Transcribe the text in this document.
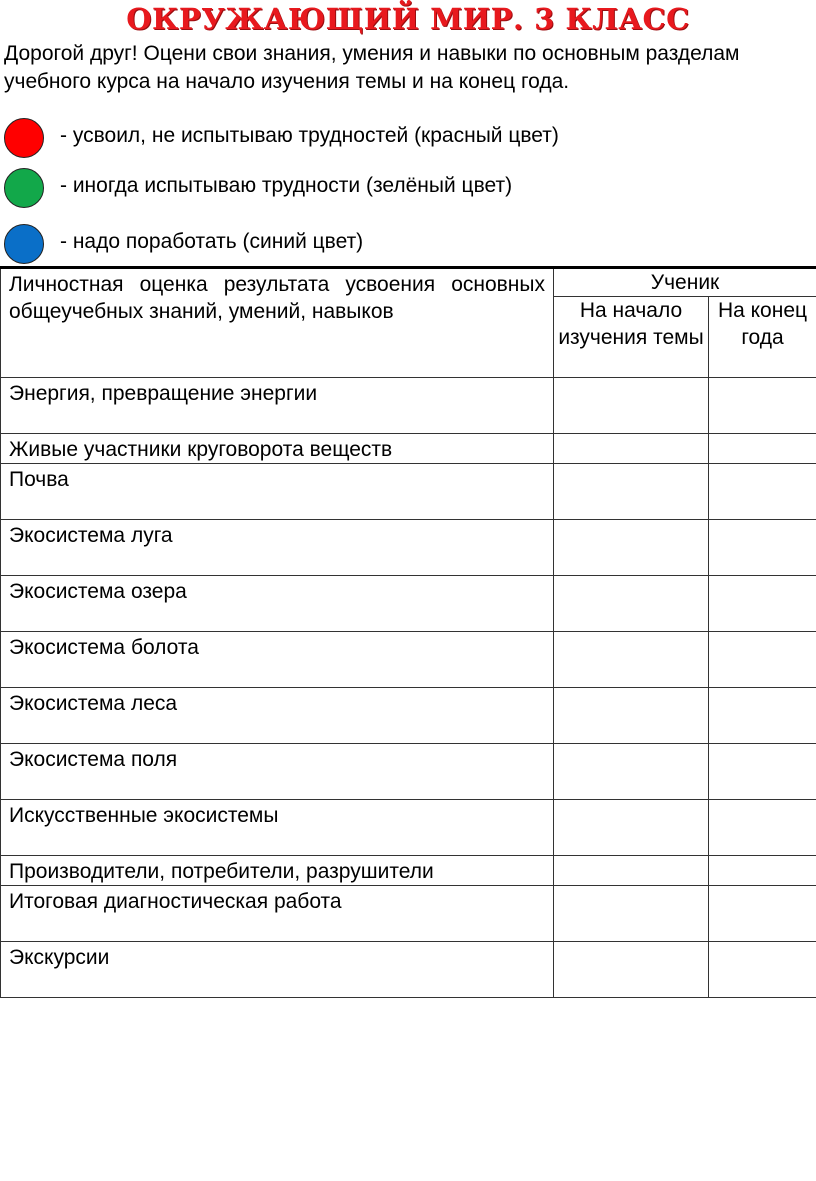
ОКРУЖАЮЩИЙ МИР. 3 КЛАСС
Дорогой друг! Оцени свои знания, умения и навыки по основным разделам
учебного курса на начало изучения темы и на конец года.
- усвоил, не испытываю трудностей (красный цвет)
- иногда испытываю трудности (зелёный цвет)
- надо поработать (синий цвет)
Личностная оценка результата усвоения основных общеучебных знаний, умений, навыков	Ученик	
	На начало изучения темы	На конец года
Энергия, превращение энергии		
Живые участники круговорота веществ		
Почва		
Экосистема луга		
Экосистема озера		
Экосистема болота		
Экосистема леса		
Экосистема поля		
Искусственные экосистемы		
Производители, потребители, разрушители		
Итоговая диагностическая работа		
Экскурсии		
